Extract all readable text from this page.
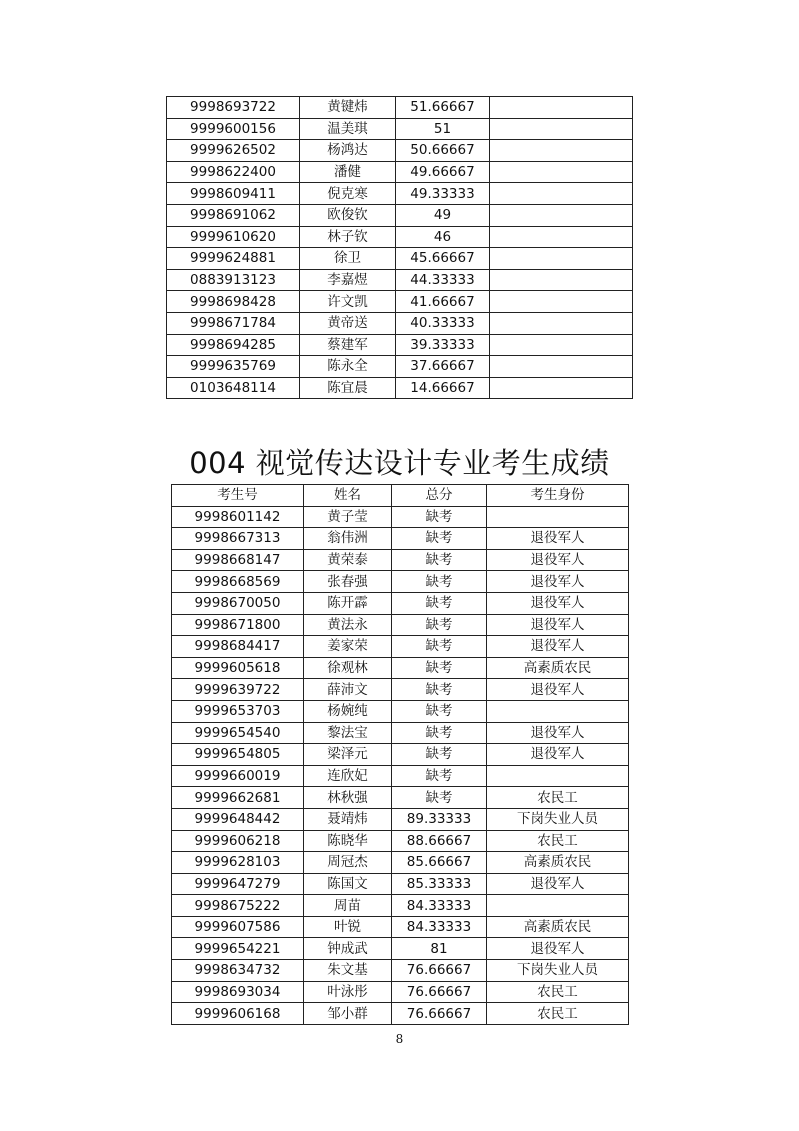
9998693722	黄键炜	51.66667	
9999600156	温美琪	51	
9999626502	杨鸿达	50.66667	
9998622400	潘健	49.66667	
9998609411	倪克寒	49.33333	
9998691062	欧俊钦	49	
9999610620	林子钦	46	
9999624881	徐卫	45.66667	
0883913123	李嘉煜	44.33333	
9998698428	许文凯	41.66667	
9998671784	黄帝送	40.33333	
9998694285	蔡建军	39.33333	
9999635769	陈永全	37.66667	
0103648114	陈宜晨	14.66667	
004 视觉传达设计专业考生成绩
考生号	姓名	总分	考生身份
9998601142	黄子莹	缺考	
9998667313	翁伟洲	缺考	退役军人
9998668147	黄荣泰	缺考	退役军人
9998668569	张春强	缺考	退役军人
9998670050	陈开霹	缺考	退役军人
9998671800	黄法永	缺考	退役军人
9998684417	姜家荣	缺考	退役军人
9999605618	徐观林	缺考	高素质农民
9999639722	薛沛文	缺考	退役军人
9999653703	杨婉纯	缺考	
9999654540	黎法宝	缺考	退役军人
9999654805	梁泽元	缺考	退役军人
9999660019	连欣妃	缺考	
9999662681	林秋强	缺考	农民工
9999648442	聂靖炜	89.33333	下岗失业人员
9999606218	陈晓华	88.66667	农民工
9999628103	周冠杰	85.66667	高素质农民
9999647279	陈国文	85.33333	退役军人
9998675222	周苗	84.33333	
9999607586	叶锐	84.33333	高素质农民
9999654221	钟成武	81	退役军人
9998634732	朱文基	76.66667	下岗失业人员
9998693034	叶泳彤	76.66667	农民工
9999606168	邹小群	76.66667	农民工
8
